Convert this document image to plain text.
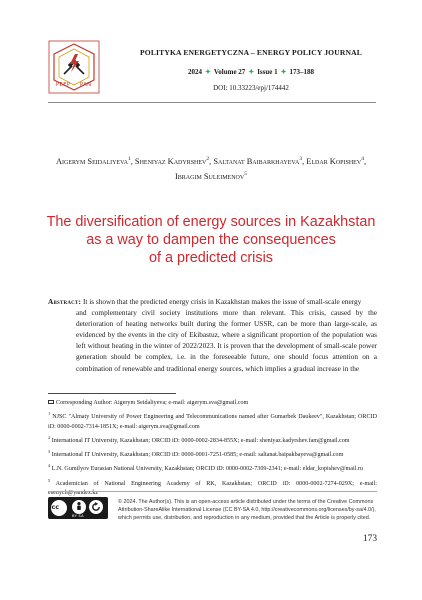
PEEP PAN
POLITYKA ENERGETYCZNA – ENERGY POLICY JOURNAL
2024 ✦ Volume 27 ✦ Issue 1 ✦ 173–188
DOI: 10.33223/epj/174442
Aigerym Seidaliyeva$^1$, Sheniyaz Kadyrshev$^2$, Saltanat Baibarkhayeva$^3$, Eldar Kopishev$^4$,
Ibragim Suleimenov$^5$
The diversification of energy sources in Kazakhstan
as a way to dampen the consequences
of a predicted crisis
Abstract: It is shown that the predicted energy crisis in Kazakhstan makes the issue of small-scale energy
and complementary civil society institutions more than relevant. This crisis, caused by the deterioration of heating networks built during the former USSR, can be more than large-scale, as evidenced by the events in the city of Ekibastuz, where a significant proportion of the population was left without heating in the winter of 2022/2023. It is proven that the development of small-scale power generation should be complex, i.e. in the foreseeable future, one should focus attention on a combination of renewable and traditional energy sources, which implies a gradual increase in the
Corresponding Author: Aigerym Seidaliyeva; e-mail: aigerym.sva@gmail.com
$^1$ NJSC "Almaty University of Power Engineering and Telecommunications named after Gumarbek Daukeev", Kazakhstan; ORCID iD: 0000-0002-7314-1851X; e-mail: aigerym.sva@gmail.com
$^2$ International IT University, Kazakhstan; ORCID iD: 0000-0002-2834-855X; e-mail: sheniyaz.kadyrshev.fam@gmail.com
$^3$ International IT University, Kazakhstan; ORCID iD: 0000-0001-7251-0585; e-mail: saltanat.baipakbayeva@gmail.com
$^4$ L.N. Gumilyov Eurasian National University, Kazakhstan; ORCID iD: 0000-0002-7309-2341; e-mail: eldar_kopishev@mail.ru
$^5$ Academician of National Engineering Academy of RK, Kazakhstan; ORCID iD: 0000-0002-7274-029X; e-mail: esenych@yandex.kz
cc
BY SA
© 2024. The Author(s). This is an open-access article distributed under the terms of the Creative Commons Attribution-ShareAlike International License (CC BY-SA 4.0, http://creativecommons.org/licenses/by-sa/4.0/), which permits use, distribution, and reproduction in any medium, provided that the Article is properly cited.
173
